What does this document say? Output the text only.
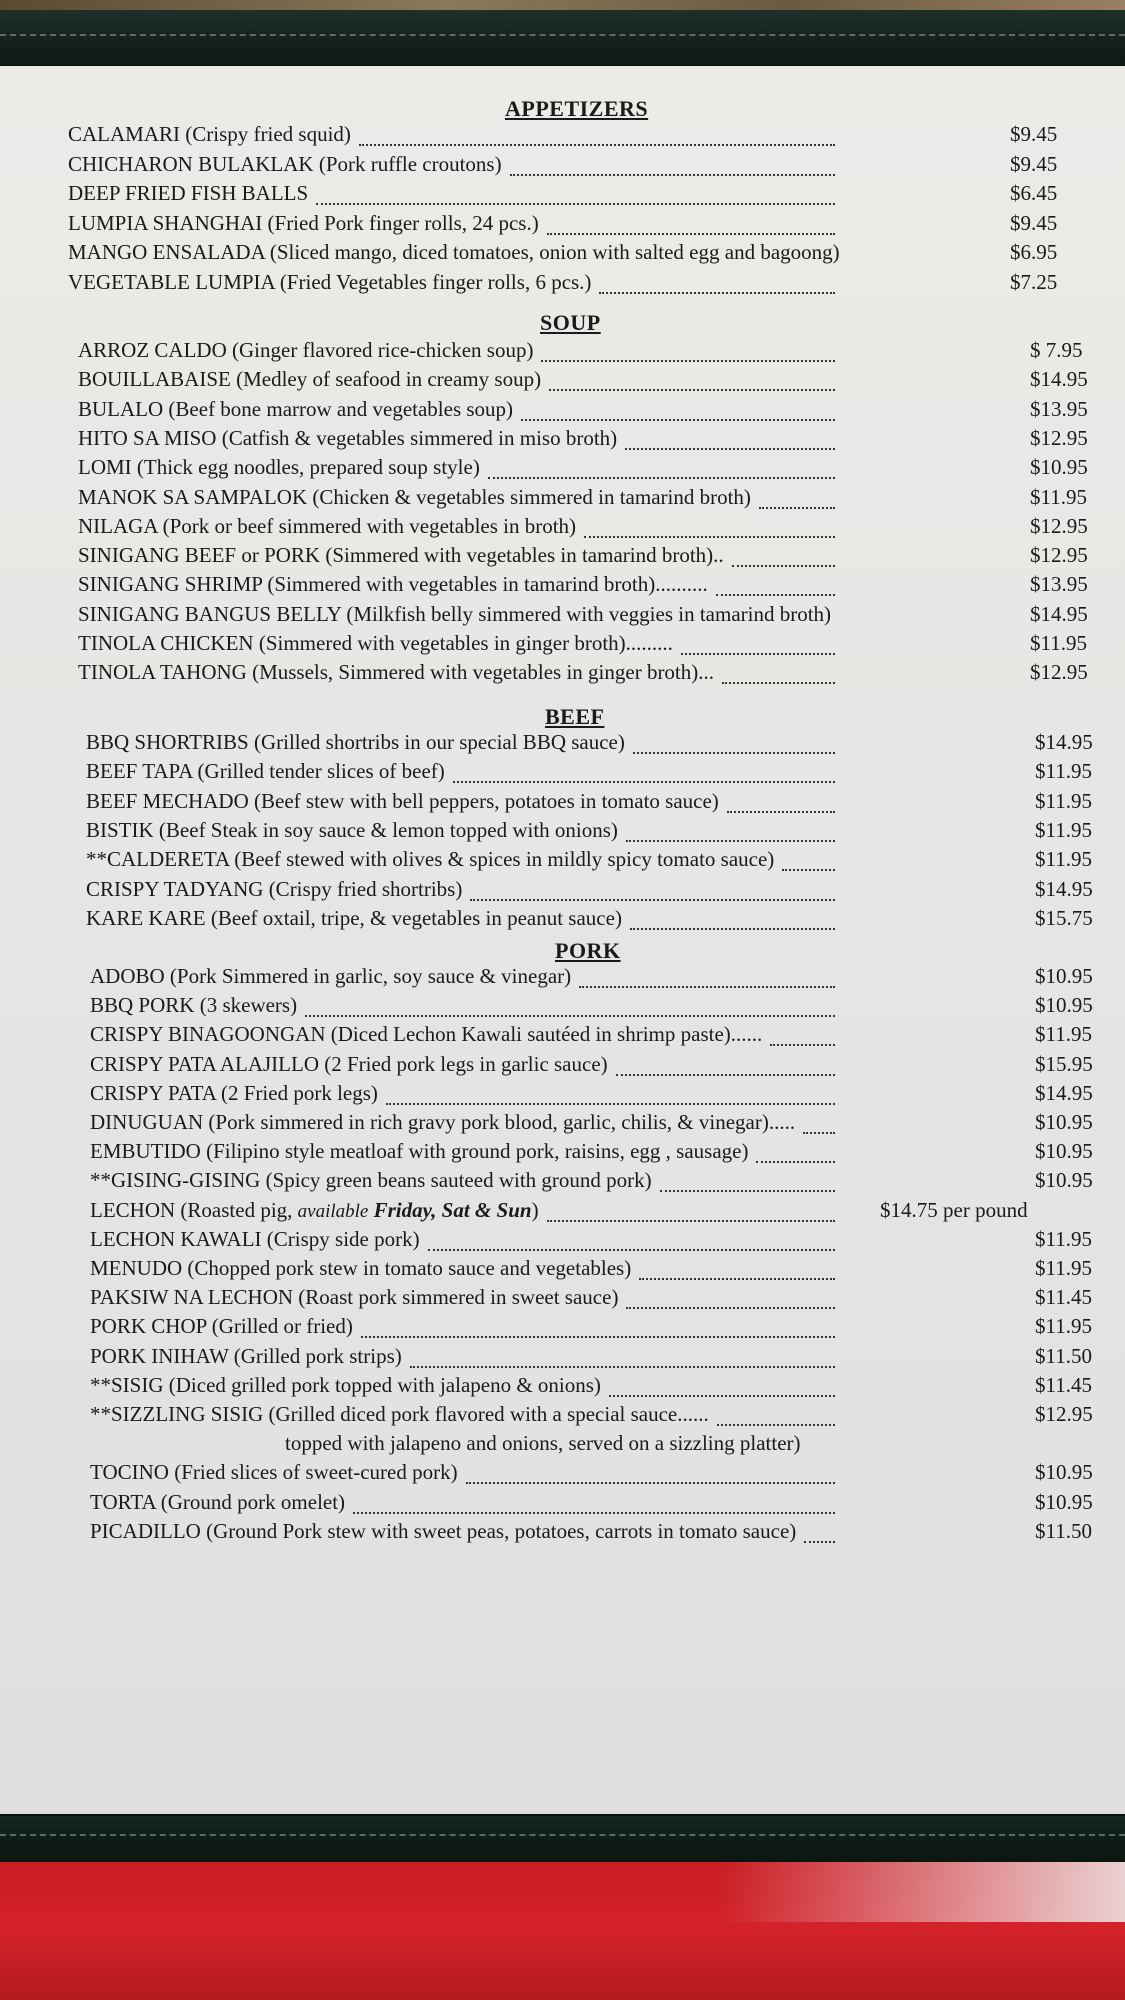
APPETIZERS
CALAMARI (Crispy fried squid)	$9.45
CHICHARON BULAKLAK (Pork ruffle croutons)	$9.45
DEEP FRIED FISH BALLS	$6.45
LUMPIA SHANGHAI (Fried Pork finger rolls, 24 pcs.)	$9.45
MANGO ENSALADA (Sliced mango, diced tomatoes, onion with salted egg and bagoong)	$6.95
VEGETABLE LUMPIA (Fried Vegetables finger rolls, 6 pcs.)	$7.25
SOUP
ARROZ CALDO (Ginger flavored rice-chicken soup)	$ 7.95
BOUILLABAISE (Medley of seafood in creamy soup)	$14.95
BULALO (Beef bone marrow and vegetables soup)	$13.95
HITO SA MISO (Catfish & vegetables simmered in miso broth)	$12.95
LOMI (Thick egg noodles, prepared soup style)	$10.95
MANOK SA SAMPALOK (Chicken & vegetables simmered in tamarind broth)	$11.95
NILAGA (Pork or beef simmered with vegetables in broth)	$12.95
SINIGANG BEEF or PORK (Simmered with vegetables in tamarind broth)..	$12.95
SINIGANG SHRIMP (Simmered with vegetables in tamarind broth)..........	$13.95
SINIGANG BANGUS BELLY (Milkfish belly simmered with veggies in tamarind broth)	$14.95
TINOLA CHICKEN (Simmered with vegetables in ginger broth).........	$11.95
TINOLA TAHONG (Mussels, Simmered with vegetables in ginger broth)...	$12.95
BEEF
BBQ SHORTRIBS (Grilled shortribs in our special BBQ sauce)	$14.95
BEEF TAPA (Grilled tender slices of beef)	$11.95
BEEF MECHADO (Beef stew with bell peppers, potatoes in tomato sauce)	$11.95
BISTIK (Beef Steak in soy sauce & lemon topped with onions)	$11.95
**CALDERETA (Beef stewed with olives & spices in mildly spicy tomato sauce)	$11.95
CRISPY TADYANG (Crispy fried shortribs)	$14.95
KARE KARE (Beef oxtail, tripe, & vegetables in peanut sauce)	$15.75
PORK
ADOBO (Pork Simmered in garlic, soy sauce & vinegar)	$10.95
BBQ PORK (3 skewers)	$10.95
CRISPY BINAGOONGAN (Diced Lechon Kawali sautéed in shrimp paste)......	$11.95
CRISPY PATA ALAJILLO (2 Fried pork legs in garlic sauce)	$15.95
CRISPY PATA (2 Fried pork legs)	$14.95
DINUGUAN (Pork simmered in rich gravy pork blood, garlic, chilis, & vinegar).....	$10.95
EMBUTIDO (Filipino style meatloaf with ground pork, raisins, egg , sausage)	$10.95
**GISING-GISING (Spicy green beans sauteed with ground pork)	$10.95
LECHON (Roasted pig, available Friday, Sat & Sun)	$14.75 per pound
LECHON KAWALI (Crispy side pork)	$11.95
MENUDO (Chopped pork stew in tomato sauce and vegetables)	$11.95
PAKSIW NA LECHON (Roast pork simmered in sweet sauce)	$11.45
PORK CHOP (Grilled or fried)	$11.95
PORK INIHAW (Grilled pork strips)	$11.50
**SISIG (Diced grilled pork topped with jalapeno & onions)	$11.45
**SIZZLING SISIG (Grilled diced pork flavored with a special sauce......	$12.95
topped with jalapeno and onions, served on a sizzling platter)
TOCINO (Fried slices of sweet-cured pork)	$10.95
TORTA (Ground pork omelet)	$10.95
PICADILLO (Ground Pork stew with sweet peas, potatoes, carrots in tomato sauce)	$11.50
